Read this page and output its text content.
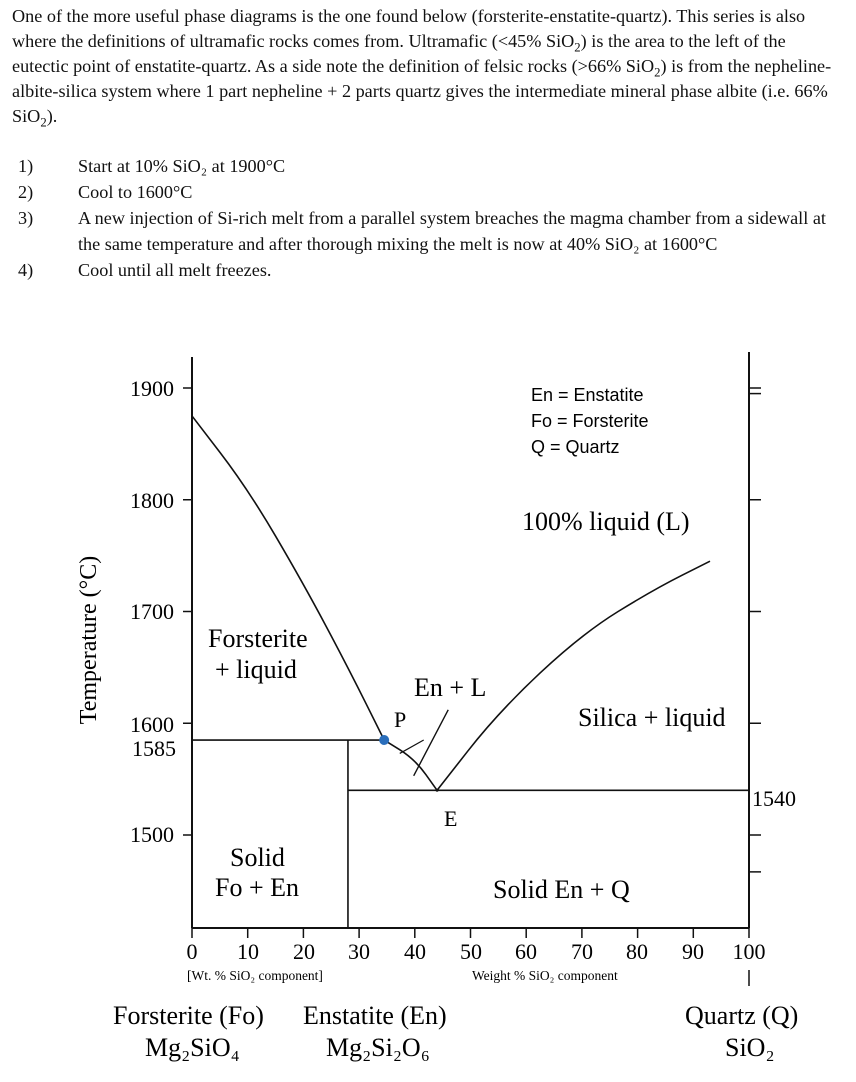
One of the more useful phase diagrams is the one found below (forsterite-enstatite-quartz). This series is also where the definitions of ultramafic rocks comes from. Ultramafic (<45% SiO$_2$) is the area to the left of the eutectic point of enstatite-quartz. As a side note the definition of felsic rocks (>66% SiO$_2$) is from the nepheline-albite-silica system where 1 part nepheline + 2 parts quartz gives the intermediate mineral phase albite (i.e. 66% SiO$_2$).

1)	Start at 10% SiO₂ at 1900°C
2)	Cool to 1600°C
3)	A new injection of Si-rich melt from a parallel system breaches the magma chamber from a sidewall at the same temperature and after thorough mixing the melt is now at 40% SiO₂ at 1600°C
4)	Cool until all melt freezes.
1900
1800
1700
1600
1585
1500
1540
0 10 20 30 40 50 60 70 80 90 100
Temperature (°C)
[Wt. % SiO₂ component]	Weight % SiO₂ component
En = Enstatite
Fo = Forsterite
Q = Quartz
100% liquid (L)
Forsterite
+ liquid
En + L
Silica + liquid
Solid
Fo + En	Solid En + Q
P
E
Forsterite (Fo)
Mg₂SiO₄
Enstatite (En)
Mg₂Si₂O₆
Quartz (Q)
SiO₂
